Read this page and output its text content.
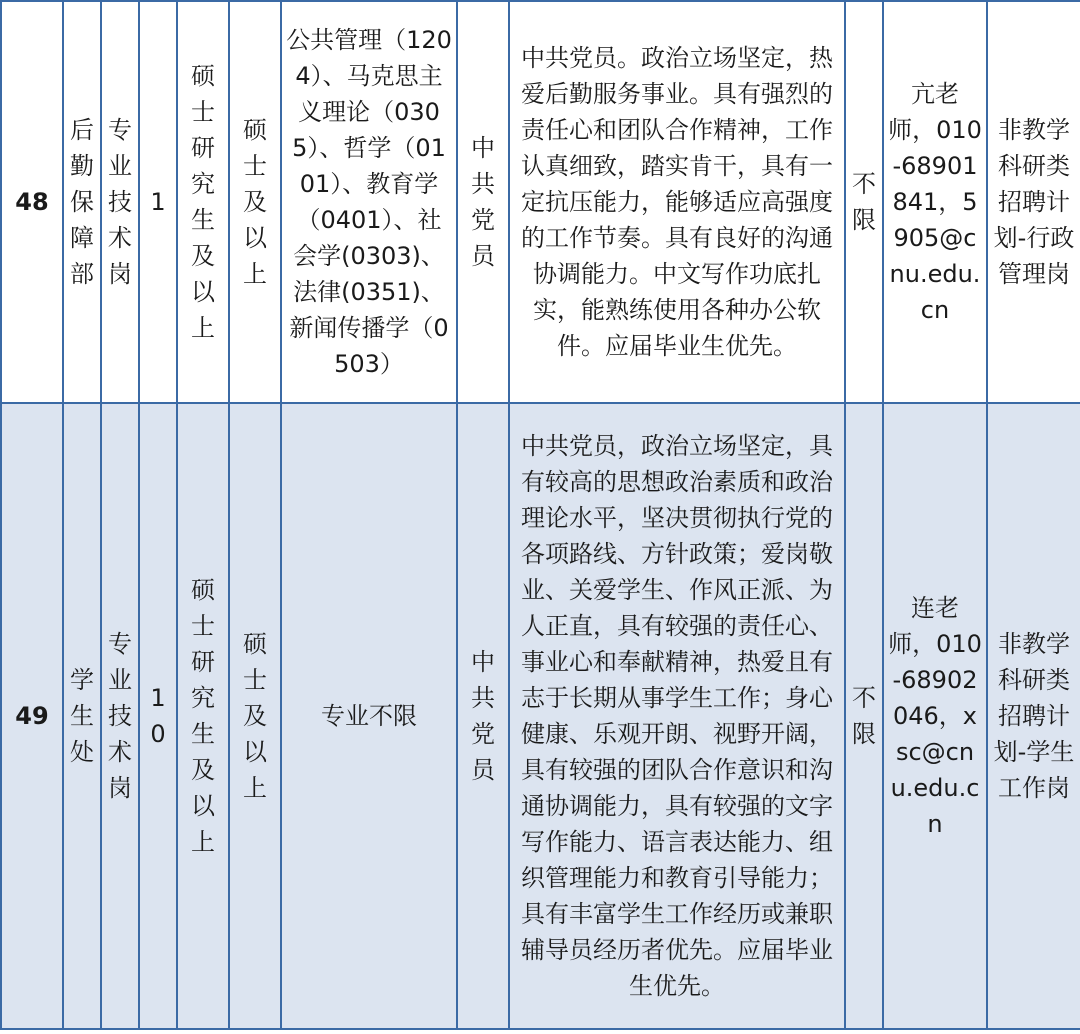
48	后勤保障部	专业技术岗	1	硕士研究生及以上	硕士及以上	公共管理（1204）、马克思主义理论（0305）、哲学（0101）、教育学（0401）、社会学(0303)、法律(0351)、新闻传播学（0503）	中共党员	中共党员。政治立场坚定，热爱后勤服务事业。具有强烈的责任心和团队合作精神，工作认真细致，踏实肯干，具有一定抗压能力，能够适应高强度的工作节奏。具有良好的沟通协调能力。中文写作功底扎实，能熟练使用各种办公软件。应届毕业生优先。	不限	亢老师，010-68901841，5905@cnu.edu.cn	非教学科研类招聘计划-行政管理岗
49	学生处	专业技术岗	10	硕士研究生及以上	硕士及以上	专业不限	中共党员	中共党员，政治立场坚定，具有较高的思想政治素质和政治理论水平，坚决贯彻执行党的各项路线、方针政策；爱岗敬业、关爱学生、作风正派、为人正直，具有较强的责任心、事业心和奉献精神，热爱且有志于长期从事学生工作；身心健康、乐观开朗、视野开阔，具有较强的团队合作意识和沟通协调能力，具有较强的文字写作能力、语言表达能力、组织管理能力和教育引导能力；具有丰富学生工作经历或兼职辅导员经历者优先。应届毕业生优先。	不限	连老师，010-68902046，xsc@cnu.edu.cn	非教学科研类招聘计划-学生工作岗
